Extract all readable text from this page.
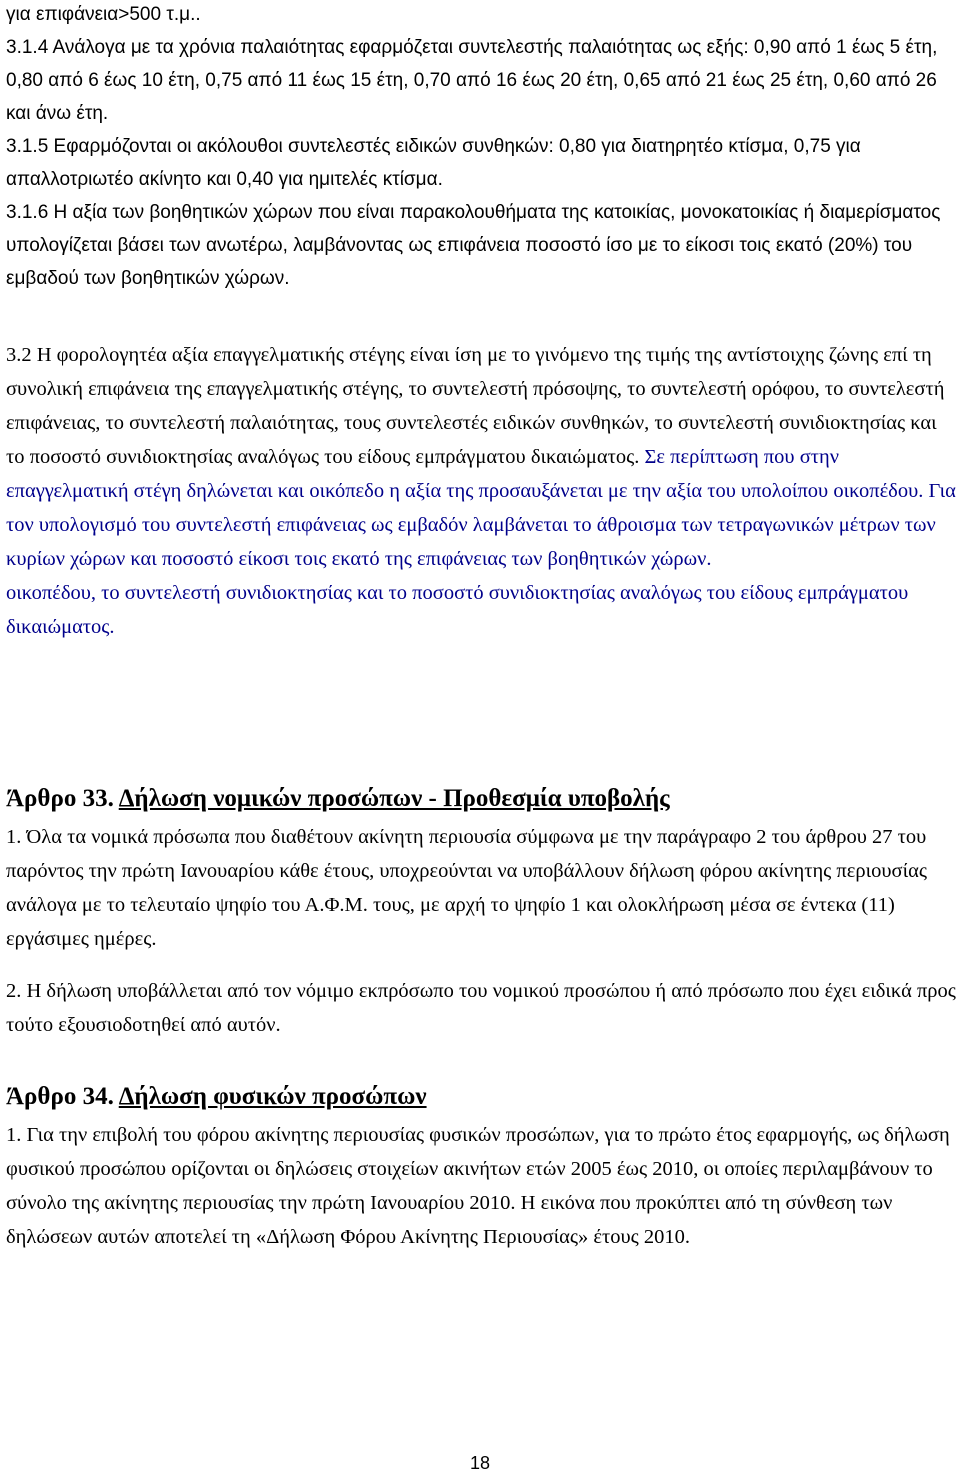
για επιφάνεια>500 τ.μ..

3.1.4 Ανάλογα με τα χρόνια παλαιότητας εφαρμόζεται συντελεστής παλαιότητας ως εξής: 0,90 από 1 έως 5 έτη, 0,80 από 6 έως 10 έτη, 0,75 από 11 έως 15 έτη, 0,70 από 16 έως 20 έτη, 0,65 από 21 έως 25 έτη, 0,60 από 26 και άνω έτη.

3.1.5 Εφαρμόζονται οι ακόλουθοι συντελεστές ειδικών συνθηκών: 0,80 για διατηρητέο κτίσμα, 0,75 για απαλλοτριωτέο ακίνητο και 0,40 για ημιτελές κτίσμα.

3.1.6 Η αξία των βοηθητικών χώρων που είναι παρακολουθήματα της κατοικίας, μονοκατοικίας ή διαμερίσματος υπολογίζεται βάσει των ανωτέρω, λαμβάνοντας ως επιφάνεια ποσοστό ίσο με το είκοσι τοις εκατό (20%) του εμβαδού των βοηθητικών χώρων.

3.2 Η φορολογητέα αξία επαγγελματικής στέγης είναι ίση με το γινόμενο της τιμής της αντίστοιχης ζώνης επί τη συνολική επιφάνεια της επαγγελματικής στέγης, το συντελεστή πρόσοψης, το συντελεστή ορόφου, το συντελεστή επιφάνειας, το συντελεστή παλαιότητας, τους συντελεστές ειδικών συνθηκών, το συντελεστή συνιδιοκτησίας και το ποσοστό συνιδιοκτησίας αναλόγως του είδους εμπράγματου δικαιώματος. Σε περίπτωση που στην επαγγελματική στέγη δηλώνεται και οικόπεδο η αξία της προσαυξάνεται με την αξία του υπολοίπου οικοπέδου. Για τον υπολογισμό του συντελεστή επιφάνειας ως εμβαδόν λαμβάνεται το άθροισμα των τετραγωνικών μέτρων των κυρίων χώρων και ποσοστό είκοσι τοις εκατό της επιφάνειας των βοηθητικών χώρων.

οικοπέδου, το συντελεστή συνιδιοκτησίας και το ποσοστό συνιδιοκτησίας αναλόγως του είδους εμπράγματου δικαιώματος.

Άρθρο 33. Δήλωση νομικών προσώπων - Προθεσμία υποβολής

1. Όλα τα νομικά πρόσωπα που διαθέτουν ακίνητη περιουσία σύμφωνα με την παράγραφο 2 του άρθρου 27 του παρόντος την πρώτη Ιανουαρίου κάθε έτους, υποχρεούνται να υποβάλλουν δήλωση φόρου ακίνητης περιουσίας ανάλογα με το τελευταίο ψηφίο του Α.Φ.Μ. τους, με αρχή το ψηφίο 1 και ολοκλήρωση μέσα σε έντεκα (11) εργάσιμες ημέρες.

2. Η δήλωση υποβάλλεται από τον νόμιμο εκπρόσωπο του νομικού προσώπου ή από πρόσωπο που έχει ειδικά προς τούτο εξουσιοδοτηθεί από αυτόν.

Άρθρο 34. Δήλωση φυσικών προσώπων

1. Για την επιβολή του φόρου ακίνητης περιουσίας φυσικών προσώπων, για το πρώτο έτος εφαρμογής, ως δήλωση φυσικού προσώπου ορίζονται οι δηλώσεις στοιχείων ακινήτων ετών 2005 έως 2010, οι οποίες περιλαμβάνουν το σύνολο της ακίνητης περιουσίας την πρώτη Ιανουαρίου 2010. Η εικόνα που προκύπτει από τη σύνθεση των δηλώσεων αυτών αποτελεί τη «Δήλωση Φόρου Ακίνητης Περιουσίας» έτους 2010.

18
